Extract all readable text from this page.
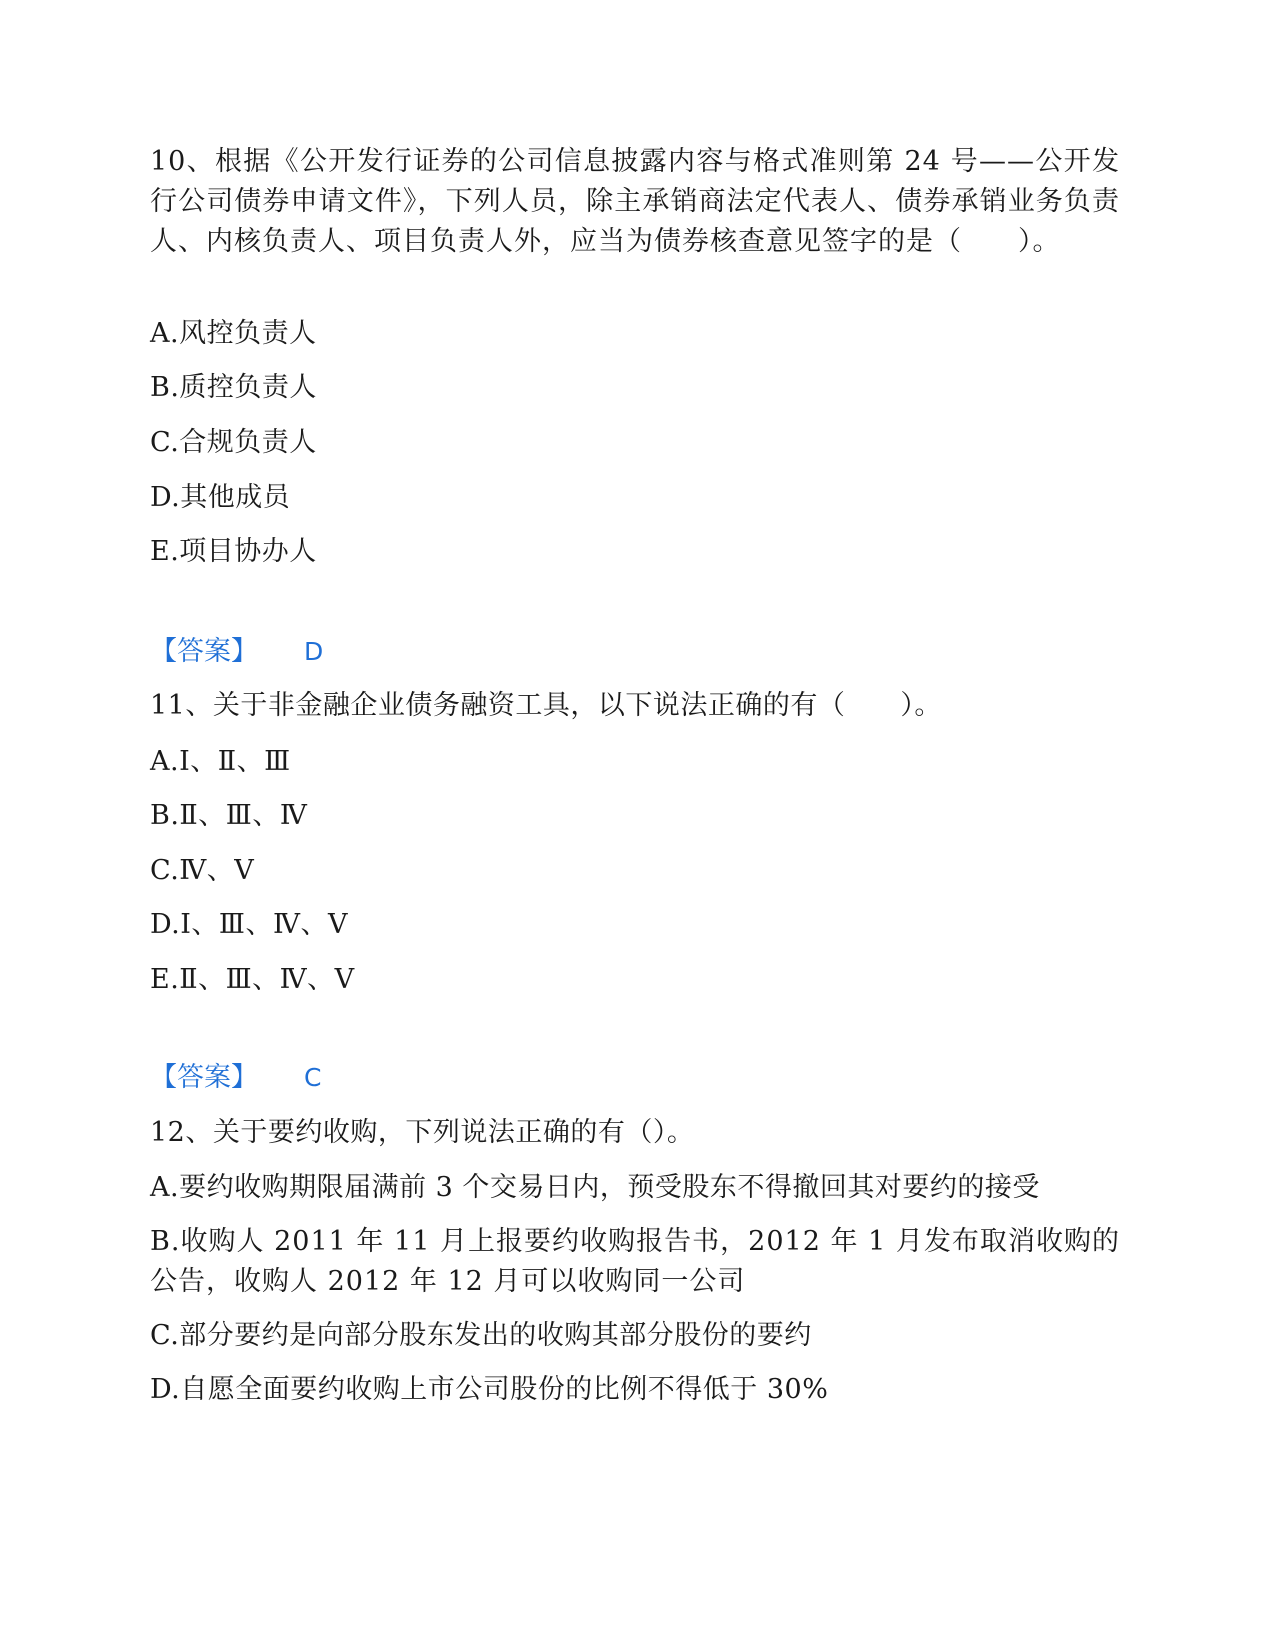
10、根据《公开发行证券的公司信息披露内容与格式准则第 24 号——公开发行公司债券申请文件》，下列人员，除主承销商法定代表人、债券承销业务负责人、内核负责人、项目负责人外，应当为债券核查意见签字的是（　　）。
A.风控负责人
B.质控负责人
C.合规负责人
D.其他成员
E.项目协办人
【答案】 D
11、关于非金融企业债务融资工具，以下说法正确的有（　　）。
A.Ⅰ、Ⅱ、Ⅲ
B.Ⅱ、Ⅲ、Ⅳ
C.Ⅳ、Ⅴ
D.Ⅰ、Ⅲ、Ⅳ、Ⅴ
E.Ⅱ、Ⅲ、Ⅳ、Ⅴ
【答案】 C
12、关于要约收购，下列说法正确的有（）。
A.要约收购期限届满前 3 个交易日内，预受股东不得撤回其对要约的接受
B.收购人 2011 年 11 月上报要约收购报告书，2012 年 1 月发布取消收购的公告，收购人 2012 年 12 月可以收购同一公司
C.部分要约是向部分股东发出的收购其部分股份的要约
D.自愿全面要约收购上市公司股份的比例不得低于 30%
